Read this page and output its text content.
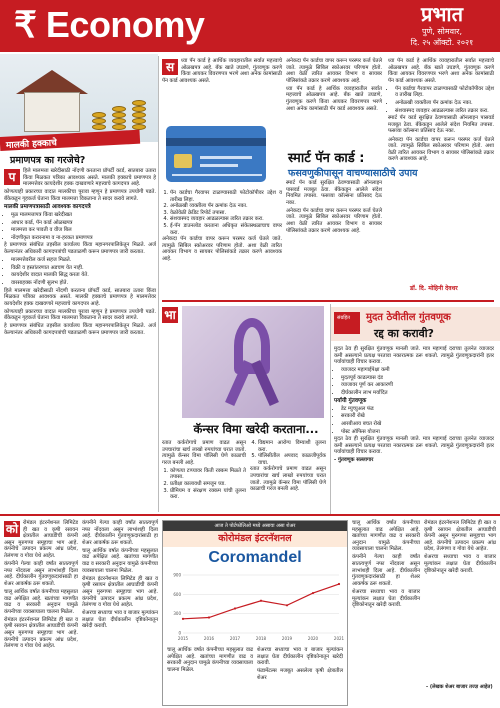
₹ Economy	प्रभात
पुणे, सोमवार,
दि. २५ ऑक्टो. २०२१
मालकी हक्काचे
प्रमाणपत्र का गरजेचे?
प	हिले मालमत्ता खरेदीसाठी नोंदणी करताना प्रॉपर्टी कार्ड, सातबारा उतारा किंवा मिळकत पत्रिका आवश्यक असते. मालकी हक्काचे प्रमाणपत्र हे मालमत्तेवर कायदेशीर हक्क दाखवणारे महत्त्वाचे कागदपत्र आहे.

कोणत्याही प्रकारच्या वादात मालकीचा पुरावा म्हणून हे प्रमाणपत्र उपयोगी पडते. बँकेकडून गृहकर्ज घेताना किंवा मालमत्ता विकताना ते सादर करावे लागते.

मालकी प्रमाणपत्रासाठी आवश्यक कागदपत्रे

• मूळ मालमत्तापत्र किंवा खरेदीखत
• आधार कार्ड, पॅन कार्ड ओळखपत्र
• मालमत्ता कर पावती व वीज बिल
• नोंदणीकृत करारनामा व ना-हरकत प्रमाणपत्र

हे प्रमाणपत्र संबंधित तहसील कार्यालय किंवा महानगरपालिकेतून मिळते. अर्ज केल्यानंतर अधिकारी कागदपत्रांची पडताळणी करून प्रमाणपत्र जारी करतात.

• मालमत्तेवरील कर्ज सहज मिळते.
• विक्री व हस्तांतरणात अडचण येत नाही.
• कायदेशीर वादात मालकी सिद्ध करता येते.
• वारसाहक्क नोंदणी सुलभ होते.

हिले मालमत्ता खरेदीसाठी नोंदणी करताना प्रॉपर्टी कार्ड, सातबारा उतारा किंवा मिळकत पत्रिका आवश्यक असते. मालकी हक्काचे प्रमाणपत्र हे मालमत्तेवर कायदेशीर हक्क दाखवणारे महत्त्वाचे कागदपत्र आहे.

कोणत्याही प्रकारच्या वादात मालकीचा पुरावा म्हणून हे प्रमाणपत्र उपयोगी पडते. बँकेकडून गृहकर्ज घेताना किंवा मालमत्ता विकताना ते सादर करावे लागते.

हे प्रमाणपत्र संबंधित तहसील कार्यालय किंवा महानगरपालिकेतून मिळते. अर्ज केल्यानंतर अधिकारी कागदपत्रांची पडताळणी करून प्रमाणपत्र जारी करतात.

स	ध्या पॅन कार्ड हे आर्थिक व्यवहारातील सर्वात महत्त्वाचे ओळखपत्र आहे. बँक खाते उघडणे, गुंतवणूक करणे किंवा आयकर विवरणपत्र भरणे अशा अनेक कामांसाठी पॅन कार्ड आवश्यक असते.

1. पॅन कार्डचा गैरवापर टाळण्यासाठी फोटोकॉपीवर उद्देश व तारीख लिहा.
2. अनोळखी व्यक्तीला पॅन क्रमांक देऊ नका.
3. वेळोवेळी क्रेडिट रिपोर्ट तपासा.
4. संशयास्पद व्यवहार आढळल्यास त्वरित तक्रार करा.
5. ई-पॅन डाउनलोड करताना अधिकृत संकेतस्थळाचाच वापर करा.

अनेकदा पॅन कार्डचा वापर करून परस्पर कर्ज घेतले जाते. त्यामुळे सिबिल स्कोअरवर परिणाम होतो. अशा वेळी त्वरित आयकर विभाग व सायबर पोलिसांकडे तक्रार करणे आवश्यक आहे.

अनेकदा पॅन कार्डचा वापर करून परस्पर कर्ज घेतले जाते. त्यामुळे सिबिल स्कोअरवर परिणाम होतो. अशा वेळी त्वरित आयकर विभाग व सायबर पोलिसांकडे तक्रार करणे आवश्यक आहे.

ध्या पॅन कार्ड हे आर्थिक व्यवहारातील सर्वात महत्त्वाचे ओळखपत्र आहे. बँक खाते उघडणे, गुंतवणूक करणे किंवा आयकर विवरणपत्र भरणे अशा अनेक कामांसाठी पॅन कार्ड आवश्यक असते.

स्मार्ट पॅन कार्ड :
फसवणुकीपासून वाचण्यासाठीचे उपाय

स्मार्ट पॅन कार्ड सुरक्षित ठेवण्यासाठी ऑनलाइन पासवर्ड मजबूत ठेवा. बँकेकडून आलेले संदेश नियमित तपासा. फसव्या कॉल्सना प्रतिसाद देऊ नका.

अनेकदा पॅन कार्डचा वापर करून परस्पर कर्ज घेतले जाते. त्यामुळे सिबिल स्कोअरवर परिणाम होतो. अशा वेळी त्वरित आयकर विभाग व सायबर पोलिसांकडे तक्रार करणे आवश्यक आहे.

ध्या पॅन कार्ड हे आर्थिक व्यवहारातील सर्वात महत्त्वाचे ओळखपत्र आहे. बँक खाते उघडणे, गुंतवणूक करणे किंवा आयकर विवरणपत्र भरणे अशा अनेक कामांसाठी पॅन कार्ड आवश्यक असते.

• पॅन कार्डचा गैरवापर टाळण्यासाठी फोटोकॉपीवर उद्देश व तारीख लिहा.
• अनोळखी व्यक्तीला पॅन क्रमांक देऊ नका.
• संशयास्पद व्यवहार आढळल्यास त्वरित तक्रार करा.

स्मार्ट पॅन कार्ड सुरक्षित ठेवण्यासाठी ऑनलाइन पासवर्ड मजबूत ठेवा. बँकेकडून आलेले संदेश नियमित तपासा. फसव्या कॉल्सना प्रतिसाद देऊ नका.

अनेकदा पॅन कार्डचा वापर करून परस्पर कर्ज घेतले जाते. त्यामुळे सिबिल स्कोअरवर परिणाम होतो. अशा वेळी त्वरित आयकर विभाग व सायबर पोलिसांकडे तक्रार करणे आवश्यक आहे.

डॉ. दि. मोहिनी देवधर
भा
कॅन्सर विमा खरेदी करताना...

रतात कर्करोगाचे प्रमाण वाढत असून उपचारांचा खर्च लाखो रुपयांच्या घरात जातो. त्यामुळे कॅन्सर विमा पॉलिसी घेणे काळाची गरज बनली आहे.

1. कोणत्या टप्प्यावर किती रक्कम मिळते ते तपासा.
2. प्रतीक्षा कालावधी समजून घ्या.
3. प्रीमियम व संरक्षण रक्कम यांची तुलना करा.
4. विद्यमान आरोग्य विम्याशी तुलना करा.
5. पॉलिसीतील अपवाद काळजीपूर्वक वाचा.

रतात कर्करोगाचे प्रमाण वाढत असून उपचारांचा खर्च लाखो रुपयांच्या घरात जातो. त्यामुळे कॅन्सर विमा पॉलिसी घेणे काळाची गरज बनली आहे.

संग्रहित	मुदत ठेवीतील गुंतवणूक
रद्द का करावी?

मुदत ठेव ही सुरक्षित गुंतवणूक मानली जाते. मात्र महागाई दराच्या तुलनेत व्याजदर कमी असल्याने प्रत्यक्ष परतावा नकारात्मक ठरू शकतो. त्यामुळे गुंतवणूकदारांनी इतर पर्यायांचाही विचार करावा.

• व्याजदर महागाईपेक्षा कमी
• मुदतपूर्व काढल्यास दंड
• व्याजावर पूर्ण कर आकारणी
• दीर्घकालीन लाभ मर्यादित

पर्यायी गुंतवणूक

• डेट म्युच्युअल फंड
• सरकारी रोखे
• आरबीआय बचत रोखे
• पोस्ट ऑफिस योजना

मुदत ठेव ही सुरक्षित गुंतवणूक मानली जाते. मात्र महागाई दराच्या तुलनेत व्याजदर कमी असल्याने प्रत्यक्ष परतावा नकारात्मक ठरू शकतो. त्यामुळे गुंतवणूकदारांनी इतर पर्यायांचाही विचार करावा.

- गुंतवणूक सल्लागार

को रोमंडल इंटरनॅशनल लिमिटेड ही खत व कृषी रसायन क्षेत्रातील आघाडीची कंपनी असून मुरुगप्पा समूहाचा भाग आहे. कंपनीचे उत्पादन प्रकल्प आंध्र प्रदेश, तेलंगणा व गोवा येथे आहेत.

कंपनीने गेल्या काही वर्षांत सातत्यपूर्ण नफा नोंदवला असून लाभांशही दिला आहे. दीर्घकालीन गुंतवणूकदारांसाठी हा शेअर आकर्षक ठरू शकतो.

चालू आर्थिक वर्षात कंपनीच्या महसुलात वाढ अपेक्षित आहे. खतांच्या मागणीत वाढ व सरकारी अनुदान यामुळे कंपनीच्या व्यवसायाला चालना मिळेल.

रोमंडल इंटरनॅशनल लिमिटेड ही खत व कृषी रसायन क्षेत्रातील आघाडीची कंपनी असून मुरुगप्पा समूहाचा भाग आहे. कंपनीचे उत्पादन प्रकल्प आंध्र प्रदेश, तेलंगणा व गोवा येथे आहेत.

कंपनीने गेल्या काही वर्षांत सातत्यपूर्ण नफा नोंदवला असून लाभांशही दिला आहे. दीर्घकालीन गुंतवणूकदारांसाठी हा शेअर आकर्षक ठरू शकतो.

चालू आर्थिक वर्षात कंपनीच्या महसुलात वाढ अपेक्षित आहे. खतांच्या मागणीत वाढ व सरकारी अनुदान यामुळे कंपनीच्या व्यवसायाला चालना मिळेल.

रोमंडल इंटरनॅशनल लिमिटेड ही खत व कृषी रसायन क्षेत्रातील आघाडीची कंपनी असून मुरुगप्पा समूहाचा भाग आहे. कंपनीचे उत्पादन प्रकल्प आंध्र प्रदेश, तेलंगणा व गोवा येथे आहेत.

शेअरचा सध्याचा भाव व बाजार मूल्यांकन लक्षात घेता दीर्घकालीन दृष्टिकोनातून खरेदी करावी.

आज ते पोर्टफोलिओ मध्ये असावा असा शेअर
कोरोमंडल इंटरनॅशनल
Coromandel
0
300
600
900
2015	2016	2017	2018	2019	2020	2021

चालू आर्थिक वर्षात कंपनीच्या महसुलात वाढ अपेक्षित आहे. खतांच्या मागणीत वाढ व सरकारी अनुदान यामुळे कंपनीच्या व्यवसायाला चालना मिळेल.

शेअरचा सध्याचा भाव व बाजार मूल्यांकन लक्षात घेता दीर्घकालीन दृष्टिकोनातून खरेदी करावी.

फंडामेंटल्स मजबूत असलेला कृषी क्षेत्रातील शेअर

चालू आर्थिक वर्षात कंपनीच्या महसुलात वाढ अपेक्षित आहे. खतांच्या मागणीत वाढ व सरकारी अनुदान यामुळे कंपनीच्या व्यवसायाला चालना मिळेल.

कंपनीने गेल्या काही वर्षांत सातत्यपूर्ण नफा नोंदवला असून लाभांशही दिला आहे. दीर्घकालीन गुंतवणूकदारांसाठी हा शेअर आकर्षक ठरू शकतो.

शेअरचा सध्याचा भाव व बाजार मूल्यांकन लक्षात घेता दीर्घकालीन दृष्टिकोनातून खरेदी करावी.

रोमंडल इंटरनॅशनल लिमिटेड ही खत व कृषी रसायन क्षेत्रातील आघाडीची कंपनी असून मुरुगप्पा समूहाचा भाग आहे. कंपनीचे उत्पादन प्रकल्प आंध्र प्रदेश, तेलंगणा व गोवा येथे आहेत.

शेअरचा सध्याचा भाव व बाजार मूल्यांकन लक्षात घेता दीर्घकालीन दृष्टिकोनातून खरेदी करावी.

- (लेखक शेअर बाजार तज्ज्ञ आहेत)
